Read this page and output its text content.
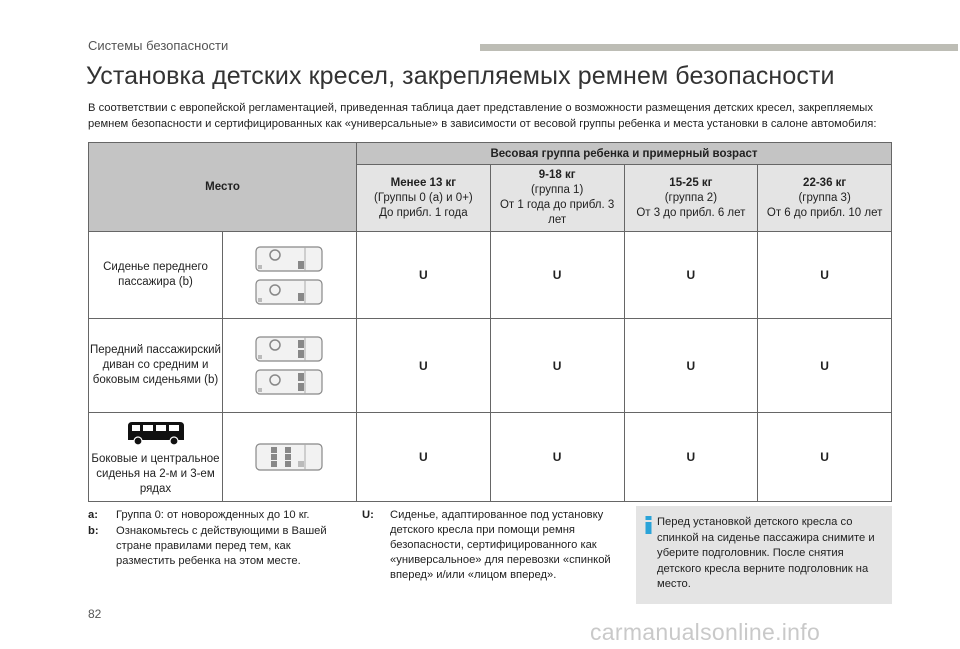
Системы безопасности
Установка детских кресел, закрепляемых ремнем безопасности
В соответствии с европейской регламентацией, приведенная таблица дает представление о возможности размещения детских кресел, закрепляемых ремнем безопасности и сертифицированных как «универсальные» в зависимости от весовой группы ребенка и места установки в салоне автомобиля:
Место		Весовая группа ребенка и примерный возраст			

		Менее 13 кг
(Группы 0 (a) и 0+)
До прибл. 1 года	9-18 кг
(группа 1)
От 1 года до прибл. 3 лет	15-25 кг
(группа 2)
От 3 до прибл. 6 лет	22-36 кг
(группа 3)
От 6 до прибл. 10 лет
Сиденье переднего пассажира (b)		U	U	U	U
Передний пассажирский диван со средним и боковым сиденьями (b)		U	U	U	U

Боковые и центральное сиденья на 2-м и 3-ем рядах		U	U	U	U
a: Группа 0: от новорожденных до 10 кг.
b: Ознакомьтесь с действующими в Вашей стране правилами перед тем, как разместить ребенка на этом месте.
U: Сиденье, адаптированное под установку детского кресла при помощи ремня безопасности, сертифицированного как «универсальное» для перевозки «спинкой вперед» и/или «лицом вперед».
Перед установкой детского кресла со спинкой на сиденье пассажира снимите и уберите подголовник. После снятия детского кресла верните подголовник на место.
82
carmanualsonline.info
